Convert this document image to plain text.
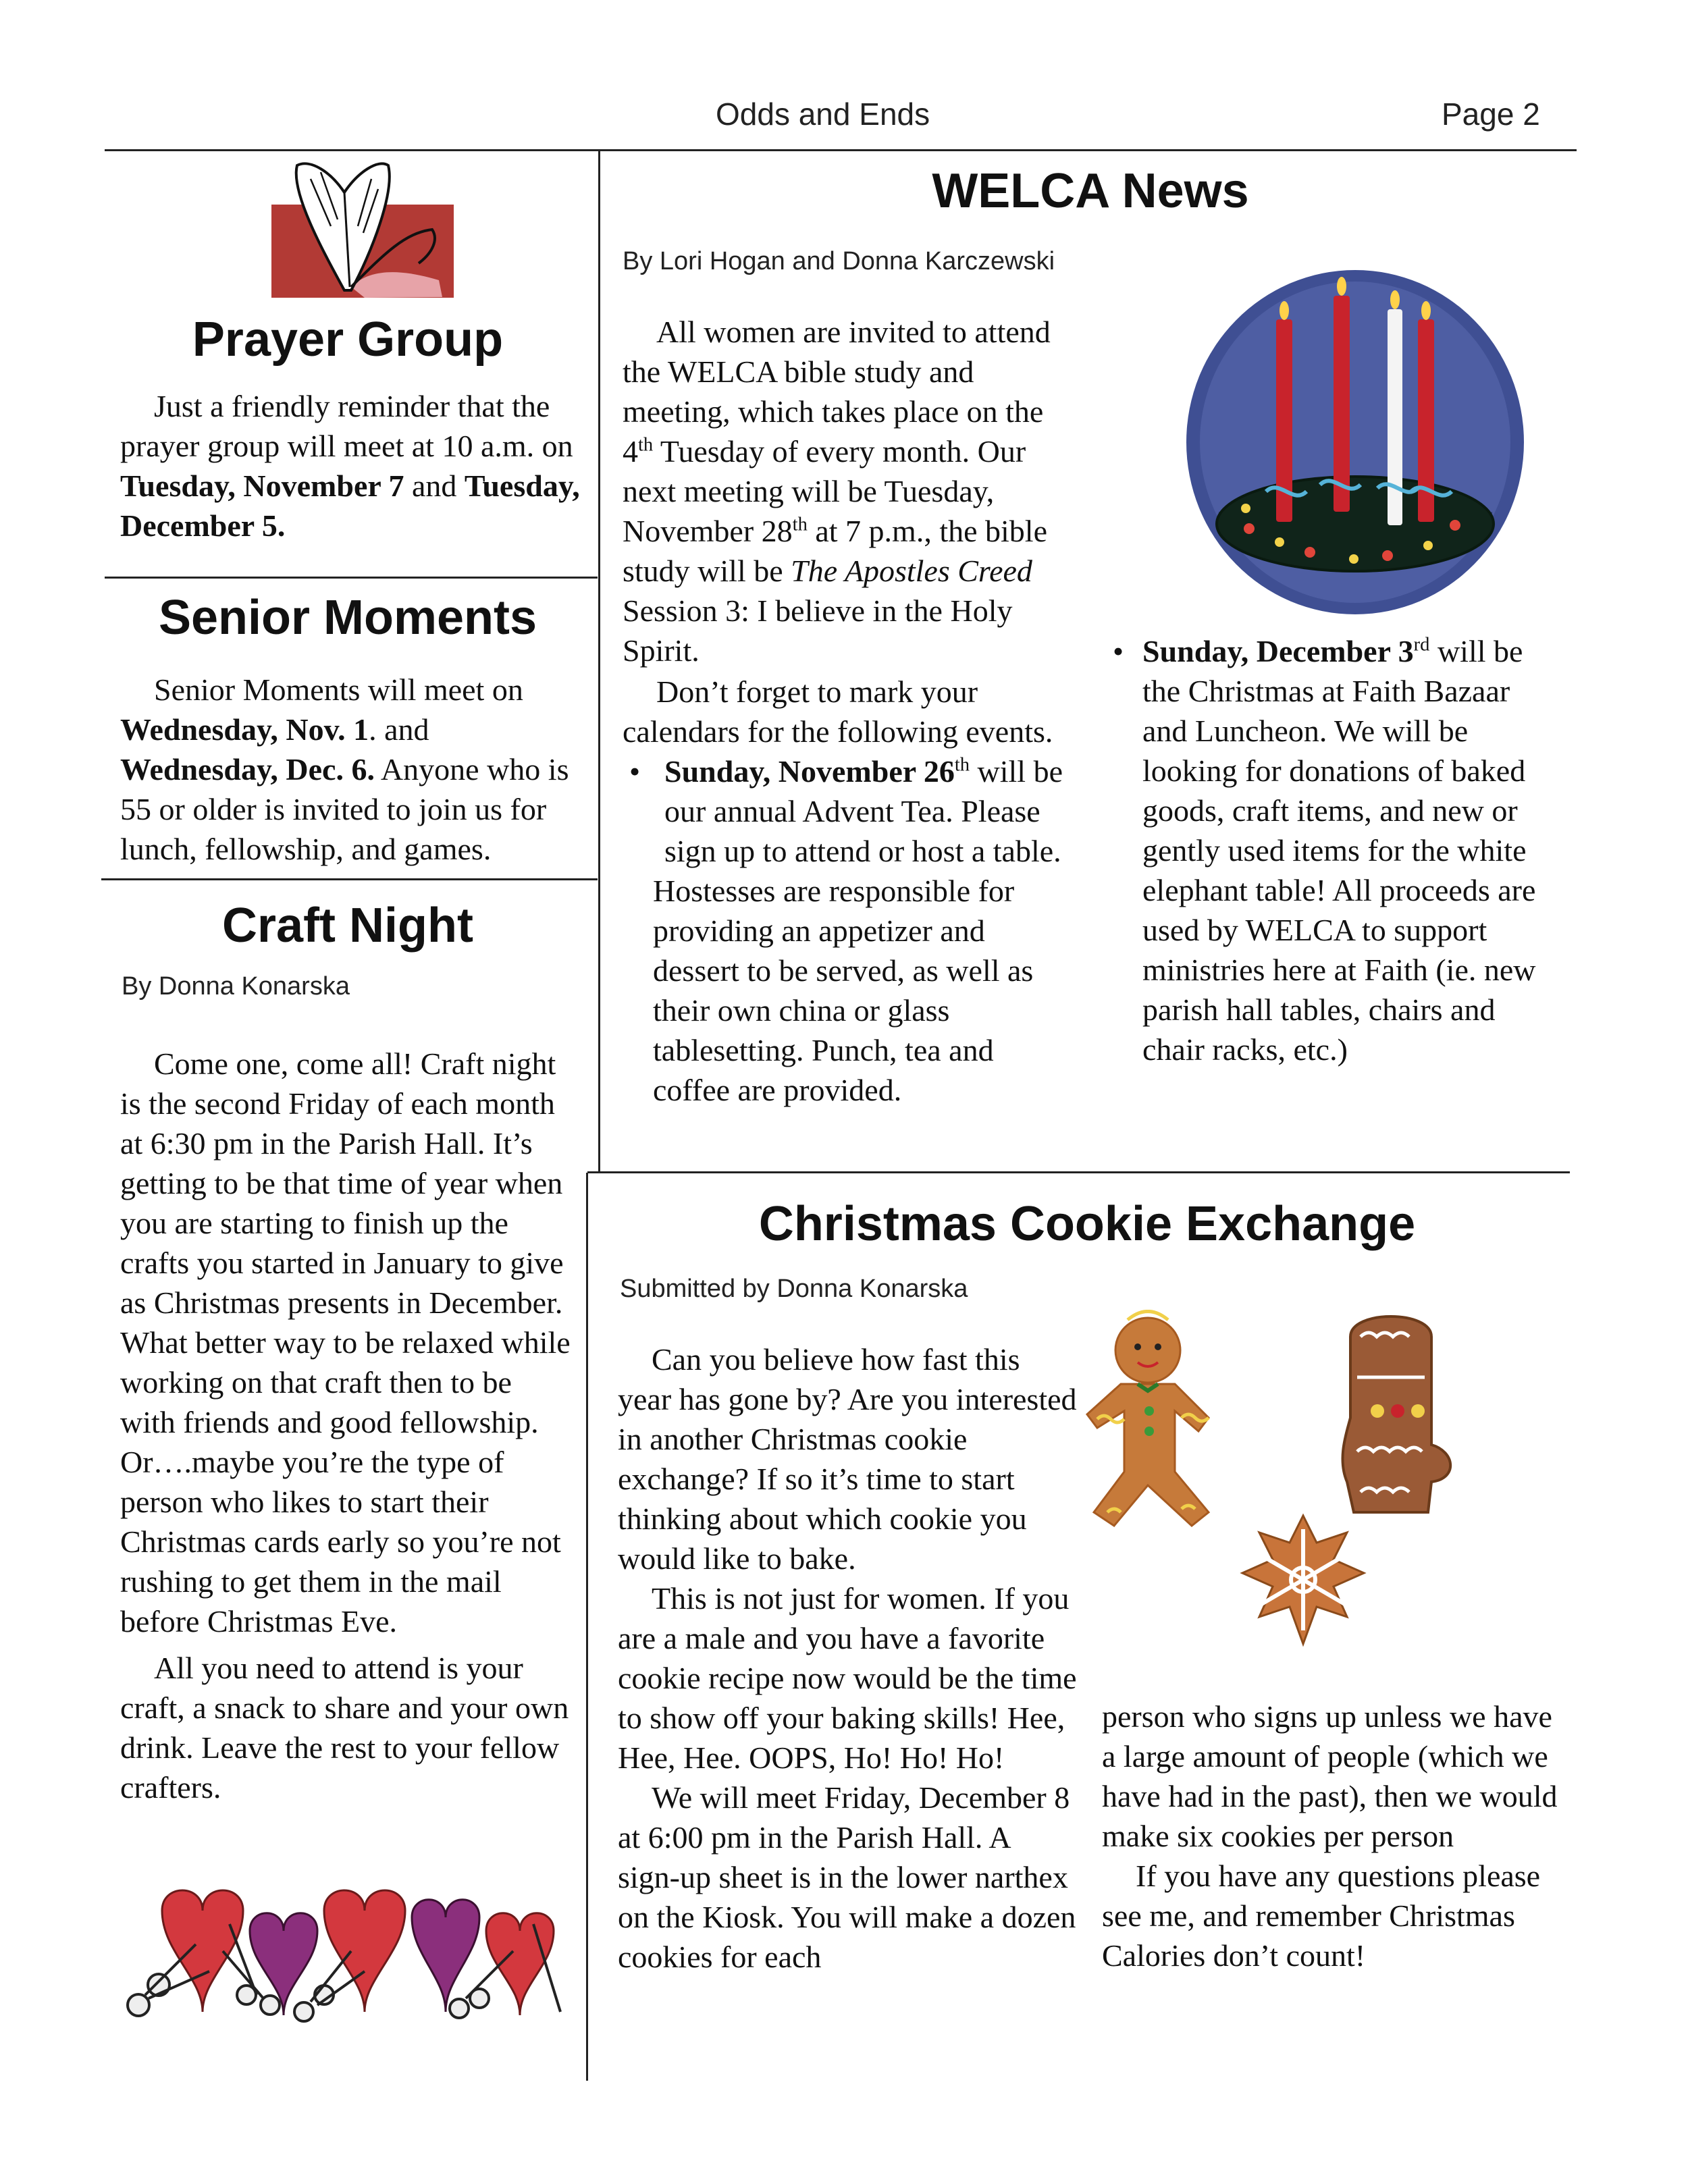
Odds and Ends	Page 2
Prayer Group

Just a friendly reminder that the prayer group will meet at 10 a.m. on Tuesday, November 7 and Tuesday, December 5.

Senior Moments

Senior Moments will meet on Wednesday, Nov. 1. and Wednesday, Dec. 6. Anyone who is 55 or older is invited to join us for lunch, fellowship, and games.

Craft Night
By Donna Konarska

Come one, come all! Craft night is the second Friday of each month at 6:30 pm in the Parish Hall. It’s getting to be that time of year when you are starting to finish up the crafts you started in January to give as Christmas presents in December. What better way to be relaxed while working on that craft then to be with friends and good fellowship. Or….maybe you’re the type of person who likes to start their Christmas cards early so you’re not rushing to get them in the mail before Christmas Eve.

All you need to attend is your craft, a snack to share and your own drink. Leave the rest to your fellow crafters.

WELCA News
By Lori Hogan and Donna Karczewski

All women are invited to attend the WELCA bible study and meeting, which takes place on the 4th Tuesday of every month. Our next meeting will be Tuesday, November 28th at 7 p.m., the bible study will be The Apostles Creed Session 3: I believe in the Holy Spirit.

Don’t forget to mark your calendars for the following events.

• Sunday, November 26th will be our annual Advent Tea. Please sign up to attend or host a table.

Hostesses are responsible for providing an appetizer and dessert to be served, as well as their own china or glass tablesetting. Punch, tea and coffee are provided.

• Sunday, December 3rd will be the Christmas at Faith Bazaar and Luncheon. We will be looking for donations of baked goods, craft items, and new or gently used items for the white elephant table! All proceeds are used by WELCA to support ministries here at Faith (ie. new parish hall tables, chairs and chair racks, etc.)
Christmas Cookie Exchange
Submitted by Donna Konarska

Can you believe how fast this year has gone by? Are you interested in another Christmas cookie exchange? If so it’s time to start thinking about which cookie you would like to bake.

This is not just for women. If you are a male and you have a favorite cookie recipe now would be the time to show off your baking skills! Hee, Hee, Hee. OOPS, Ho! Ho! Ho!

We will meet Friday, December 8 at 6:00 pm in the Parish Hall. A sign-up sheet is in the lower narthex on the Kiosk. You will make a dozen cookies for each

person who signs up unless we have a large amount of people (which we have had in the past), then we would make six cookies per person

If you have any questions please see me, and remember Christmas Calories don’t count!
